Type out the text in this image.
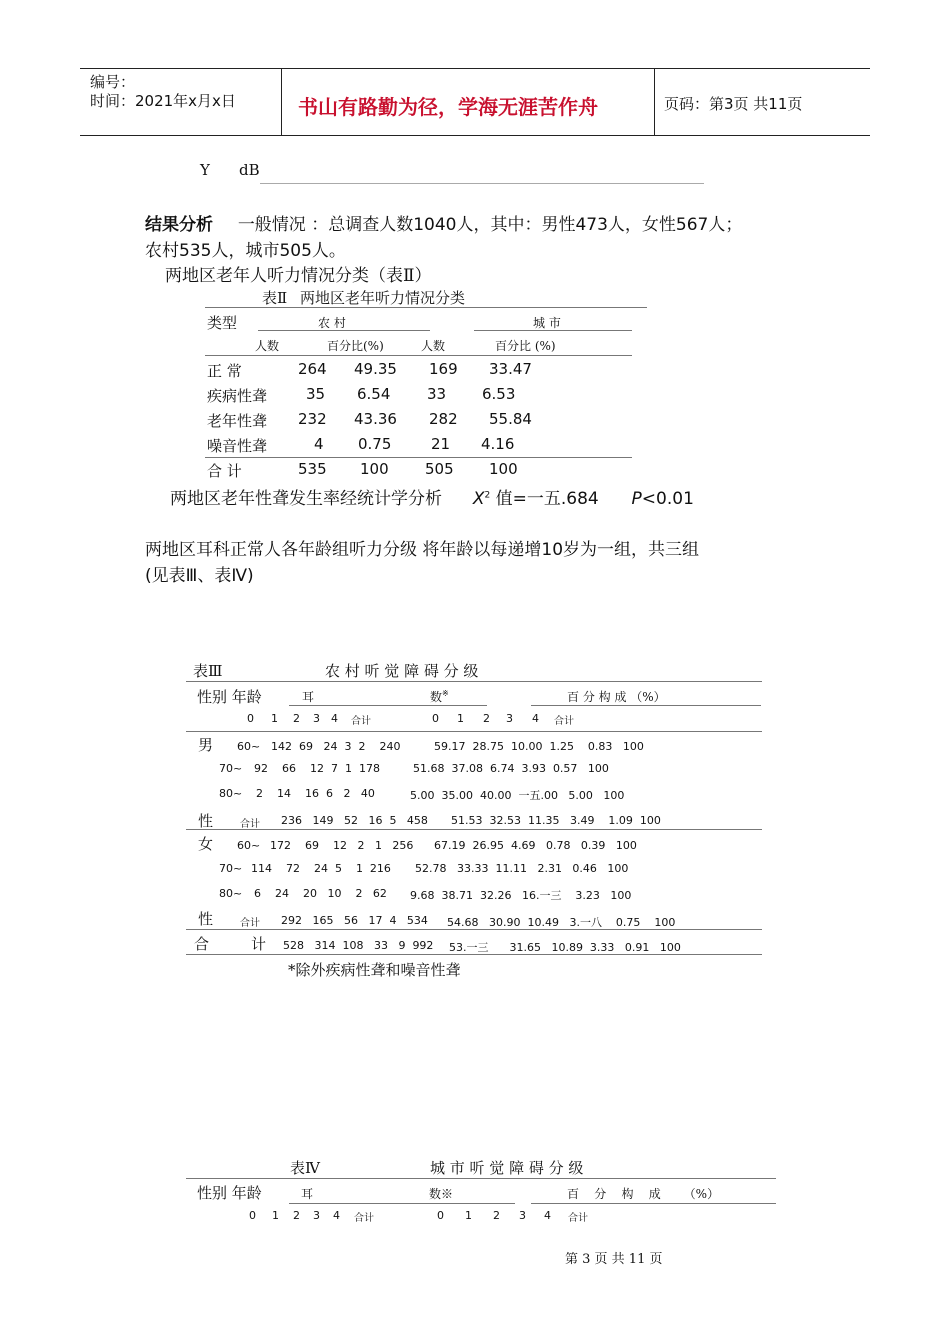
编号：
时间：2021年x月x日	书山有路勤为径，学海无涯苦作舟	页码：第3页 共11页
Y dB
结果分析 一般情况 ：总调查人数1040人，其中：男性473人，女性567人；
农村535人，城市505人。
两地区老年人听力情况分类（表Ⅱ）
表Ⅱ 两地区老年听力情况分类
类型	农 村	城 市
人数	百分比(%)	人数	百分比 (%)
正 常	264 49.35 169 33.47
疾病性聋	35 6.54 33 6.53
老年性聋 232 43.36 282 55.84
噪音性聋	4 0.75	21 4.16
合 计	535 100 505 100
两地区老年性聋发生率经统计学分析 $X^2$ 值=一五.684 P<0.01
两地区耳科正常人各年龄组听力分级 将年龄以每递增10岁为一组，共三组
(见表Ⅲ、表Ⅳ)
表Ⅲ	农 村 听 觉 障 碍 分 级
性别 年龄	耳	数※	百 分 构 成 （%）
0 1 2 3 4 合计	0 1 2 3 4 合计
男 60~ 142  69   24  3  2    240	59.17  28.75  10.00  1.25    0.83   100
70~ 92    66    12  7  1  178	51.68  37.08  6.74  3.93  0.57   100
80~ 2    14    16  6   2   40	5.00  35.00  40.00  一五.00   5.00   100
性	合计 236   149   52   16  5   458 51.53  32.53  11.35   3.49    1.09  100
女 60~ 172    69    12   2   1   256 67.19  26.95  4.69   0.78   0.39   100
70~ 114    72    24  5    1  216 52.78   33.33  11.11   2.31   0.46   100
80~ 6    24    20   10    2   62 9.68  38.71  32.26   16.一三    3.23   100
性	合计 292   165   56   17  4   534 54.68   30.90  10.49   3.一八    0.75    100
合	计 528   314  108   33   9  992 53.一三      31.65   10.89  3.33   0.91   100
*除外疾病性聋和噪音性聋
表Ⅳ	城 市 听 觉 障 碍 分 级
性别 年龄	耳	数※	百    分    构    成      （%）
0 1 2 3 4 合计	0 1 2 3 4 合计
第 3 页 共 11 页
